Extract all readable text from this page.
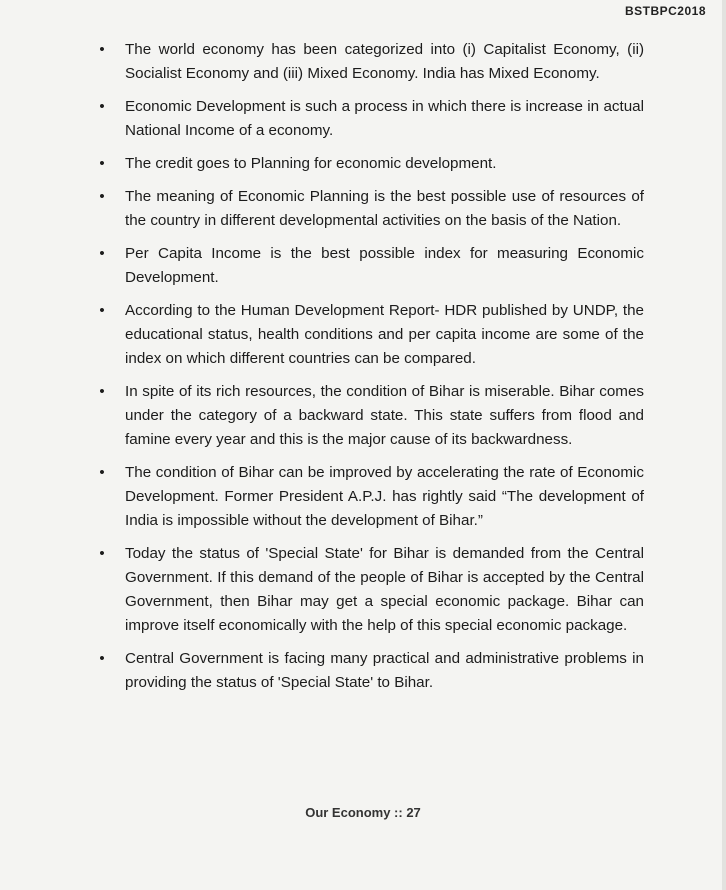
BSTBPC2018
• The world economy has been categorized into (i) Capitalist Economy, (ii) Socialist Economy and (iii) Mixed Economy. India has Mixed Economy.
• Economic Development is such a process in which there is increase in actual National Income of a economy.
• The credit goes to Planning for economic development.
• The meaning of Economic Planning is the best possible use of resources of the country in different developmental activities on the basis of the Nation.
• Per Capita Income is the best possible index for measuring Economic Development.
• According to the Human Development Report- HDR published by UNDP, the educational status, health conditions and per capita income are some of the index on which different countries can be compared.
• In spite of its rich resources, the condition of Bihar is miserable. Bihar comes under the category of a backward state. This state suffers from flood and famine every year and this is the major cause of its backwardness.
• The condition of Bihar can be improved by accelerating the rate of Economic Development. Former President A.P.J. has rightly said “The development of India is impossible without the development of Bihar.”
• Today the status of 'Special State' for Bihar is demanded from the Central Government. If this demand of the people of Bihar is accepted by the Central Government, then Bihar may get a special economic package. Bihar can improve itself economically with the help of this special economic package.
• Central Government is facing many practical and administrative problems in providing the status of 'Special State' to Bihar.
Our Economy :: 27
